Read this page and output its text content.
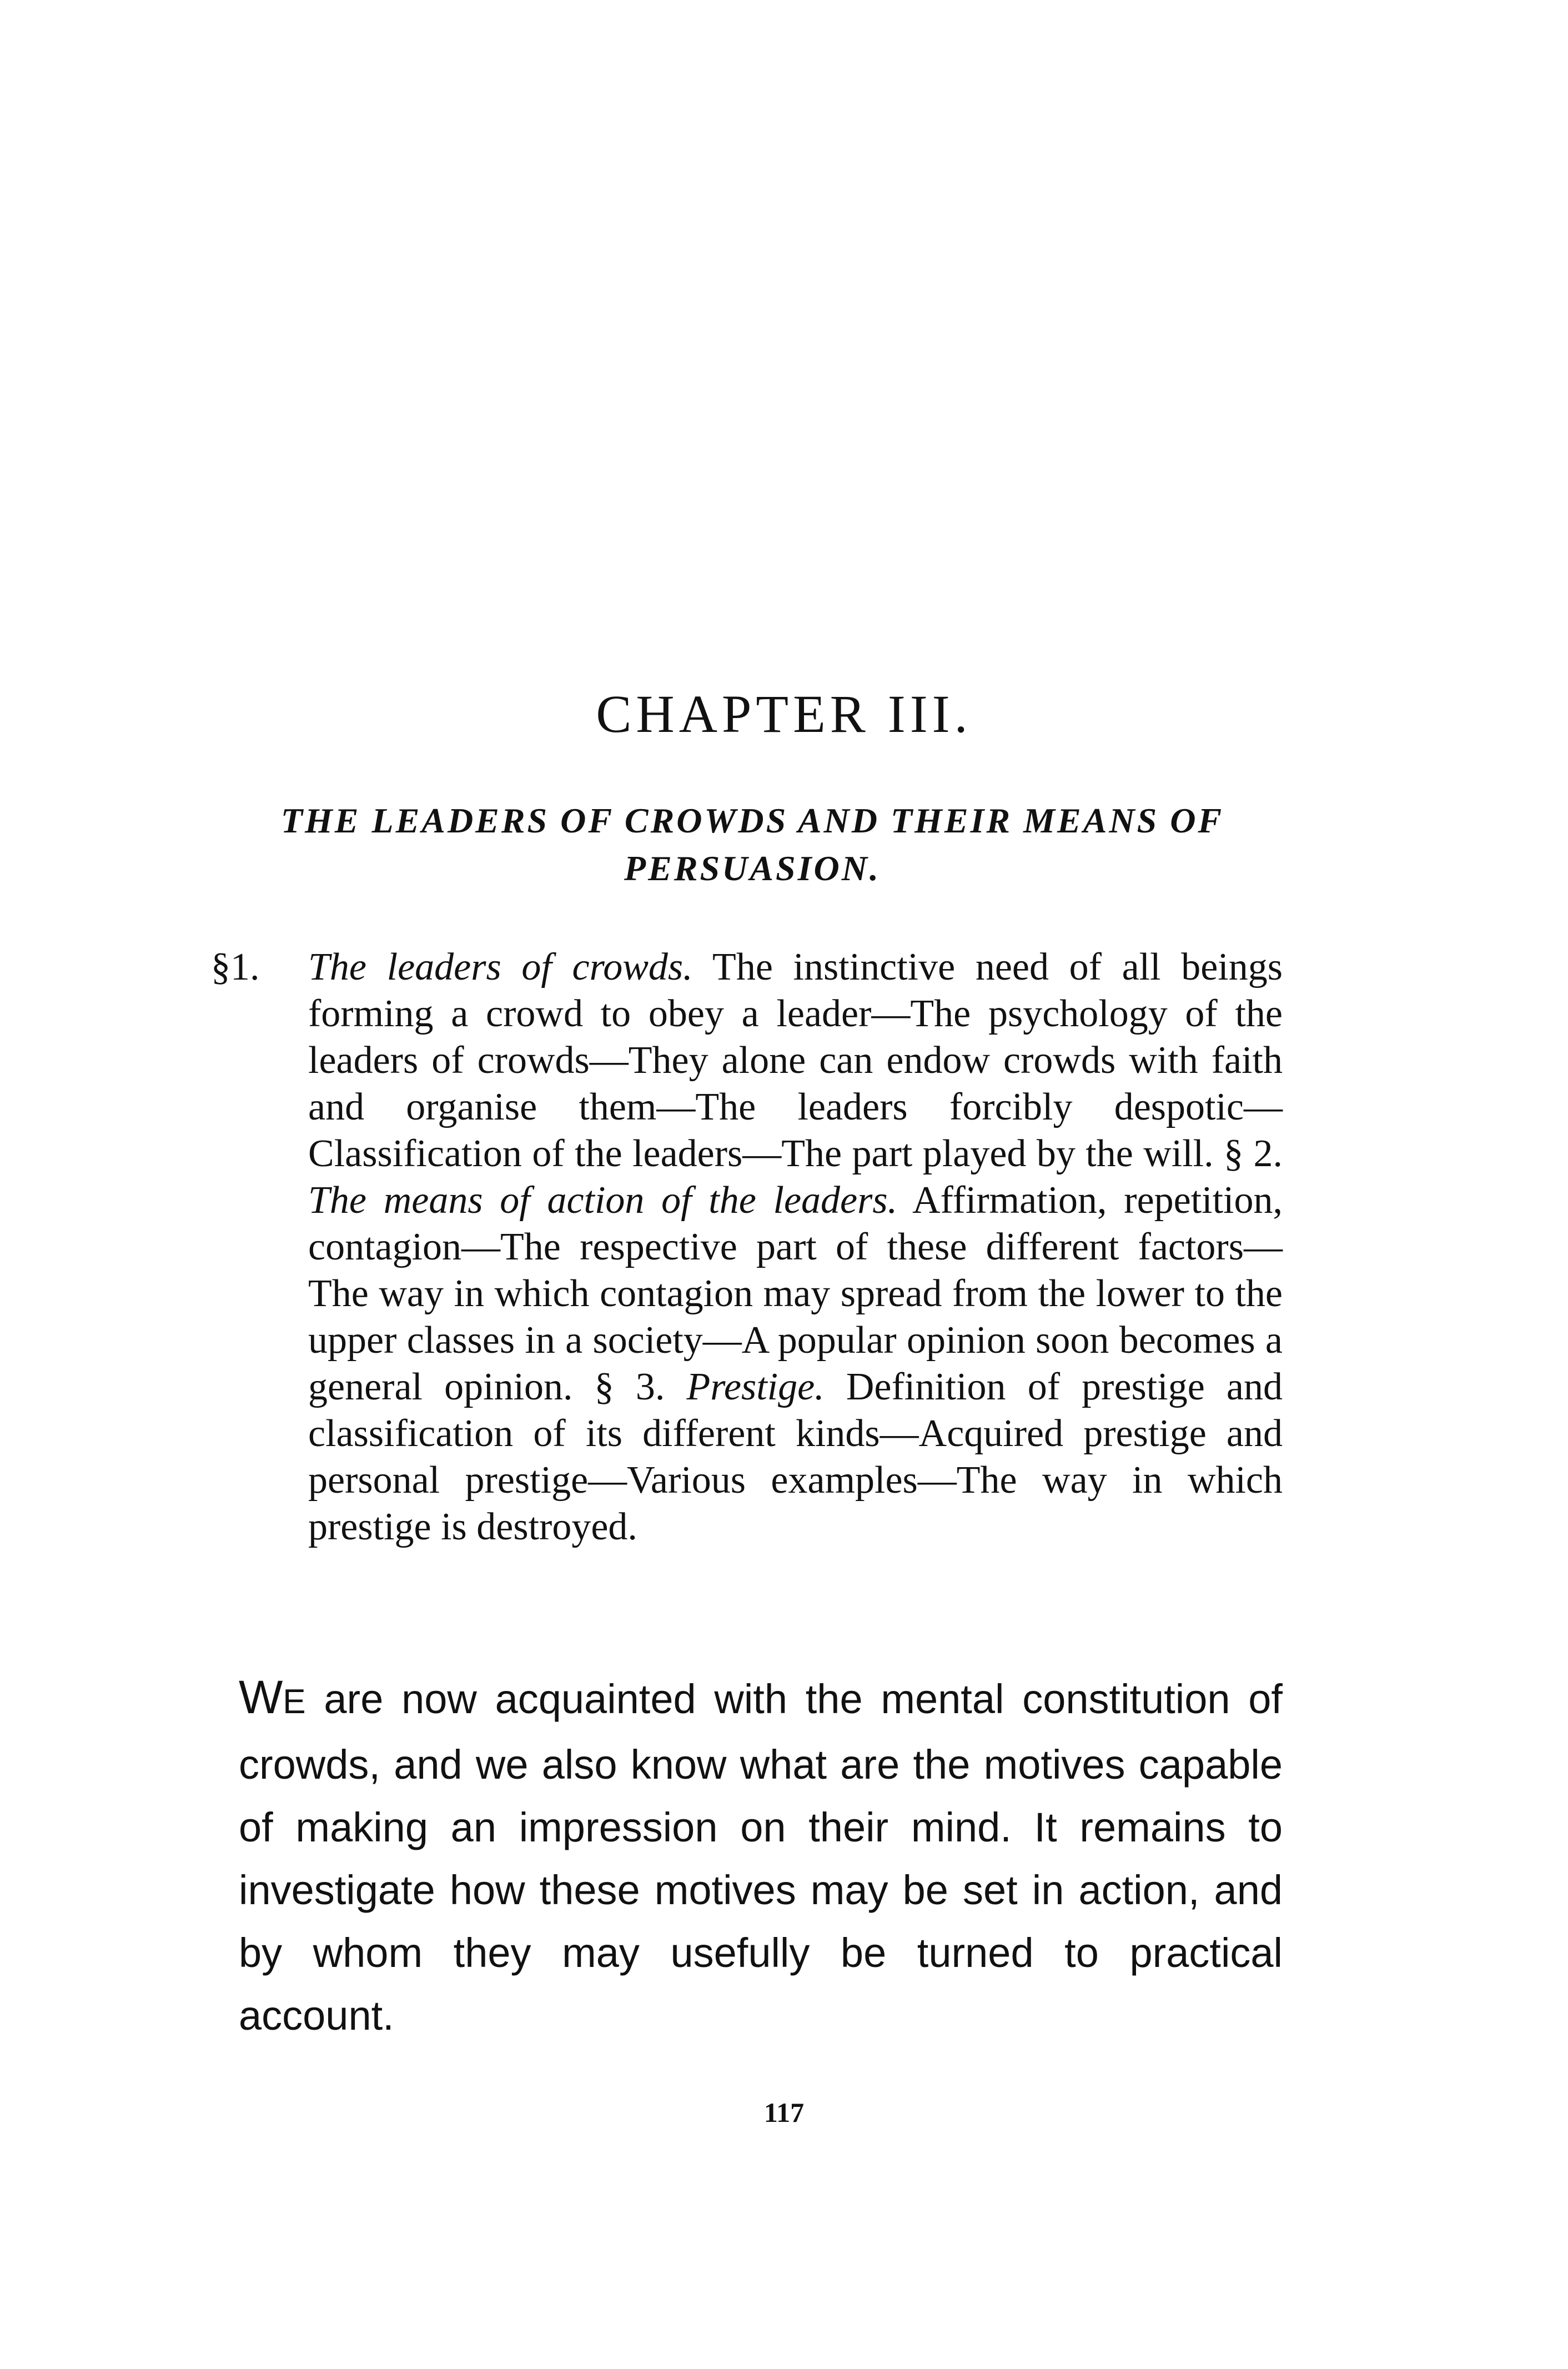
CHAPTER III.
THE LEADERS OF CROWDS AND THEIR MEANS OF PERSUASION.
§1. The leaders of crowds. The instinctive need of all beings forming a crowd to obey a leader—The psychology of the leaders of crowds—They alone can endow crowds with faith and organise them—The leaders forcibly despotic—Classification of the leaders—The part played by the will. § 2. The means of action of the leaders. Affirmation, repetition, contagion—The respective part of these different factors—The way in which contagion may spread from the lower to the upper classes in a society—A popular opinion soon becomes a general opinion. § 3. Prestige. Definition of prestige and classification of its different kinds—Acquired prestige and personal prestige—Various examples—The way in which prestige is destroyed.

WE are now acquainted with the mental constitution of crowds, and we also know what are the motives capable of making an impression on their mind. It remains to investigate how these motives may be set in action, and by whom they may usefully be turned to practical account.

117
